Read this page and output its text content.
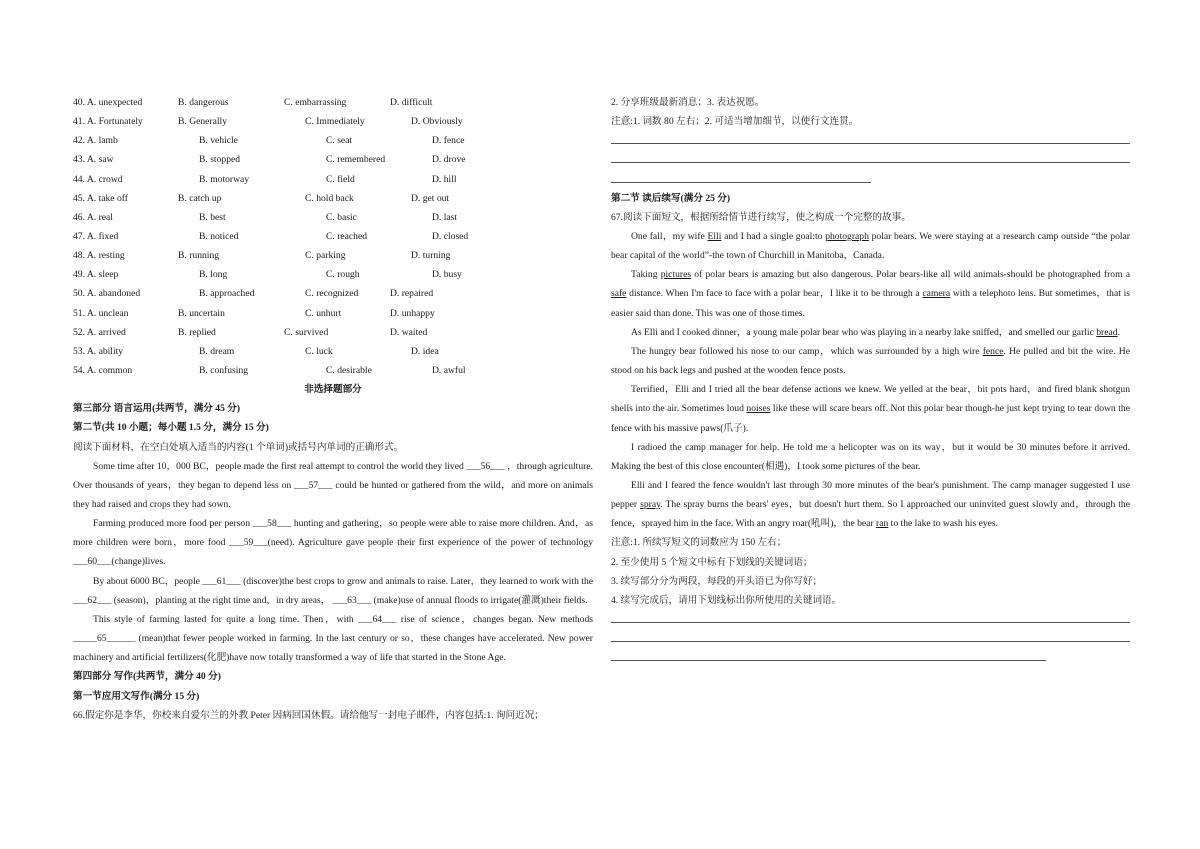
40. A. unexpected	B. dangerous	C. embarrassing	D. difficult
41. A. Fortunately	B. Generally	C. Immediately	D. Obviously
42. A. lamb	B. vehicle	C. seat	D. fence
43. A. saw	B. stopped	C. remembered	D. drove
44. A. crowd	B. motorway	C. field	D. hill
45. A. take off	B. catch up	C. hold back	D. get out
46. A. real	B. best	C. basic	D. last
47. A. fixed	B. noticed	C. reached	D. closed
48. A. resting	B. running	C. parking	D. turning
49. A. sleep	B. long	C. rough	D. busy
50. A. abandoned	B. approached	C. recognized	D. repaired
51. A. unclean	B. uncertain	C. unhurt	D. unhappy
52. A. arrived	B. replied	C. survived	D. waited
53. A. ability	B. dream	C. luck	D. idea
54. A. common	B. confusing	C. desirable	D. awful
非选择题部分
第三部分 语言运用(共两节，满分 45 分)
第二节(共 10 小题；每小题 1.5 分，满分 15 分)
阅读下面材料，在空白处填入适当的内容(1 个单词)或括号内单词的正确形式。
Some time after 10，000 BC，people made the first real attempt to control the world they lived ___56___ ，through agriculture. Over thousands of years，they began to depend less on ___57___ could be hunted or gathered from the wild，and more on animals they had raised and crops they had sown.
Farming produced more food per person ___58___ hunting and gathering，so people were able to raise more children. And，as more children were born，more food ___59___(need). Agriculture gave people their first experience of the power of technology ___60___(change)lives.
By about 6000 BC，people ___61___ (discover)the best crops to grow and animals to raise. Later，they learned to work with the ___62___ (season)，planting at the right time and，in dry areas， ___63___ (make)use of annual floods to irrigate(灌溉)their fields.
This style of farming lasted for quite a long time. Then，with ___64___ rise of science，changes began. New methods _____65______ (mean)that fewer people worked in farming. In the last century or so，these changes have accelerated. New power machinery and artificial fertilizers(化肥)have now totally transformed a way of life that started in the Stone Age.
第四部分 写作(共两节，满分 40 分)
第一节应用文写作(满分 15 分)
66.假定你是李华，你校来自爱尔兰的外教 Peter 因病回国休假。请给他写一封电子邮件，内容包括:1. 询问近况；
2. 分享班级最新消息；3. 表达祝愿。
注意:1. 词数 80 左右；2. 可适当增加细节，以使行文连贯。
第二节 读后续写(满分 25 分)
67.阅读下面短文，根据所给情节进行续写，使之构成一个完整的故事。
One fall，my wife Elli and I had a single goal:to photograph polar bears. We were staying at a research camp outside “the polar bear capital of the world”-the town of Churchill in Manitoba，Canada.
Taking pictures of polar bears is amazing but also dangerous. Polar bears-like all wild animals-should be photographed from a safe distance. When I'm face to face with a polar bear，I like it to be through a camera with a telephoto lens. But sometimes，that is easier said than done. This was one of those times.
As Elli and I cooked dinner，a young male polar bear who was playing in a nearby lake sniffed，and smelled our garlic bread.
The hungry bear followed his nose to our camp，which was surrounded by a high wire fence. He pulled and bit the wire. He stood on his back legs and pushed at the wooden fence posts.
Terrified，Elli and I tried all the bear defense actions we knew. We yelled at the bear，bit pots hard，and fired blank shotgun shells into the air. Sometimes loud noises like these will scare bears off. Not this polar bear though-he just kept trying to tear down the fence with his massive paws(爪子).
I radioed the camp manager for help. He told me a helicopter was on its way，but it would be 30 minutes before it arrived. Making the best of this close encounter(相遇)，I took some pictures of the bear.
Elli and I feared the fence wouldn't last through 30 more minutes of the bear's punishment. The camp manager suggested I use pepper spray. The spray burns the bears' eyes，but doesn't hurt them. So I approached our uninvited guest slowly and，through the fence，sprayed him in the face. With an angry roar(吼叫)，the bear ran to the lake to wash his eyes.
注意:1. 所续写短文的词数应为 150 左右；
2. 至少使用 5 个短文中标有下划线的关键词语；
3. 续写部分分为两段，每段的开头语已为你写好；
4. 续写完成后，请用下划线标出你所使用的关键词语。
